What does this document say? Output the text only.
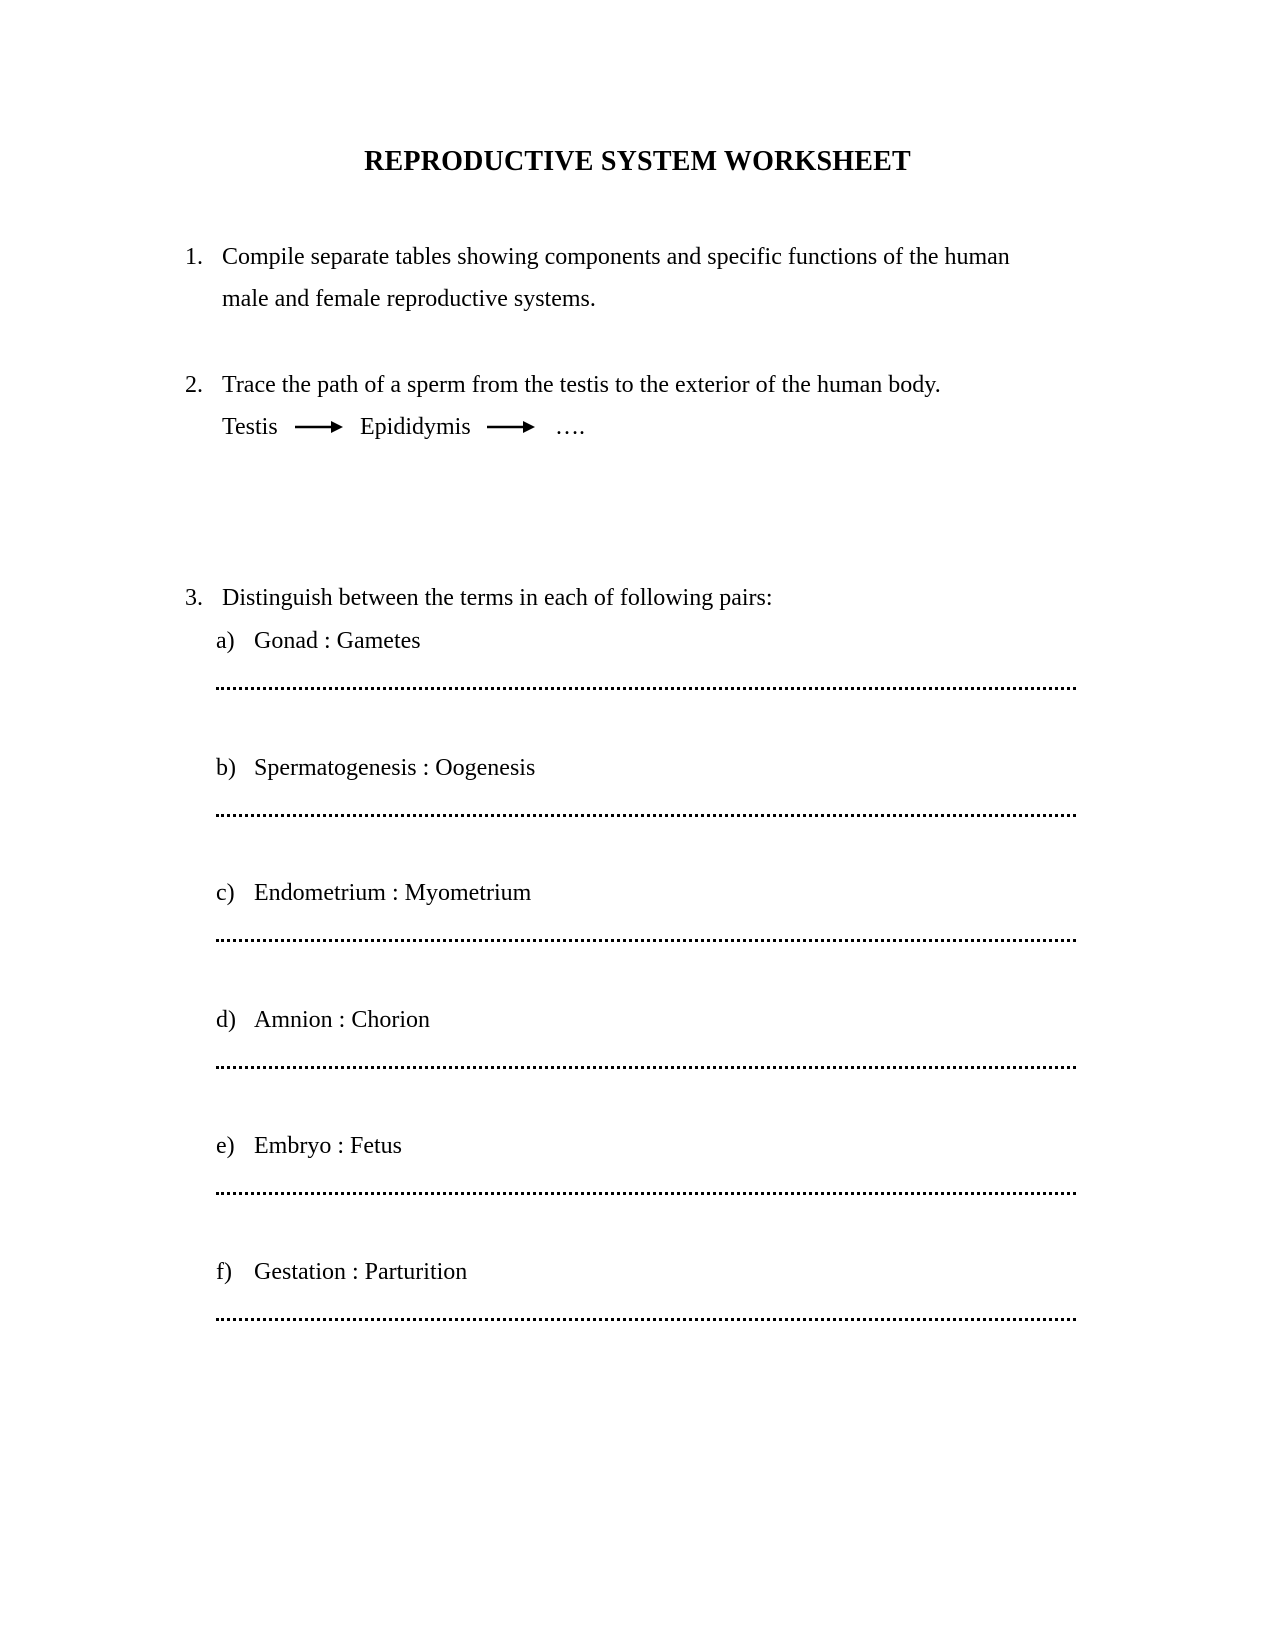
REPRODUCTIVE SYSTEM WORKSHEET
1. Compile separate tables showing components and specific functions of the human male and female reproductive systems.
2. Trace the path of a sperm from the testis to the exterior of the human body.
Testis	Epididymis	….
3. Distinguish between the terms in each of following pairs:
a) Gonad : Gametes
b) Spermatogenesis : Oogenesis
c) Endometrium : Myometrium
d) Amnion : Chorion
e) Embryo : Fetus
f) Gestation : Parturition
